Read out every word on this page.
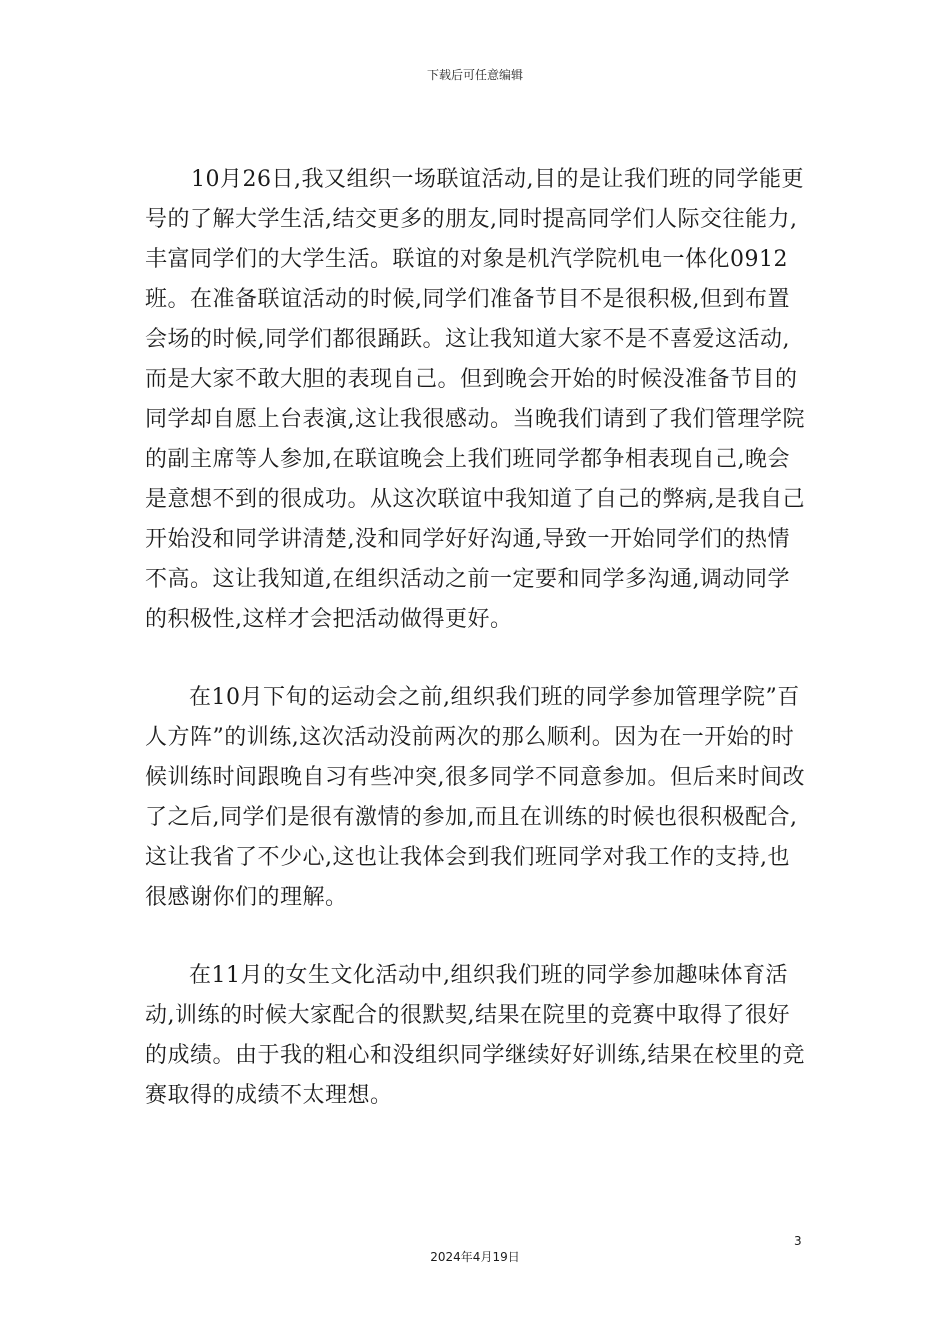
下载后可任意编辑

10月26日,我又组织一场联谊活动,目的是让我们班的同学能更号的了解大学生活,结交更多的朋友,同时提高同学们人际交往能力,丰富同学们的大学生活。联谊的对象是机汽学院机电一体化0912班。在准备联谊活动的时候,同学们准备节目不是很积极,但到布置会场的时候,同学们都很踊跃。这让我知道大家不是不喜爱这活动,而是大家不敢大胆的表现自己。但到晚会开始的时候没准备节目的同学却自愿上台表演,这让我很感动。当晚我们请到了我们管理学院的副主席等人参加,在联谊晚会上我们班同学都争相表现自己,晚会是意想不到的很成功。从这次联谊中我知道了自己的弊病,是我自己开始没和同学讲清楚,没和同学好好沟通,导致一开始同学们的热情不高。这让我知道,在组织活动之前一定要和同学多沟通,调动同学的积极性,这样才会把活动做得更好。

在10月下旬的运动会之前,组织我们班的同学参加管理学院”百人方阵”的训练,这次活动没前两次的那么顺利。因为在一开始的时候训练时间跟晚自习有些冲突,很多同学不同意参加。但后来时间改了之后,同学们是很有激情的参加,而且在训练的时候也很积极配合,这让我省了不少心,这也让我体会到我们班同学对我工作的支持,也很感谢你们的理解。

在11月的女生文化活动中,组织我们班的同学参加趣味体育活动,训练的时候大家配合的很默契,结果在院里的竞赛中取得了很好的成绩。由于我的粗心和没组织同学继续好好训练,结果在校里的竞赛取得的成绩不太理想。

3
2024年4月19日
